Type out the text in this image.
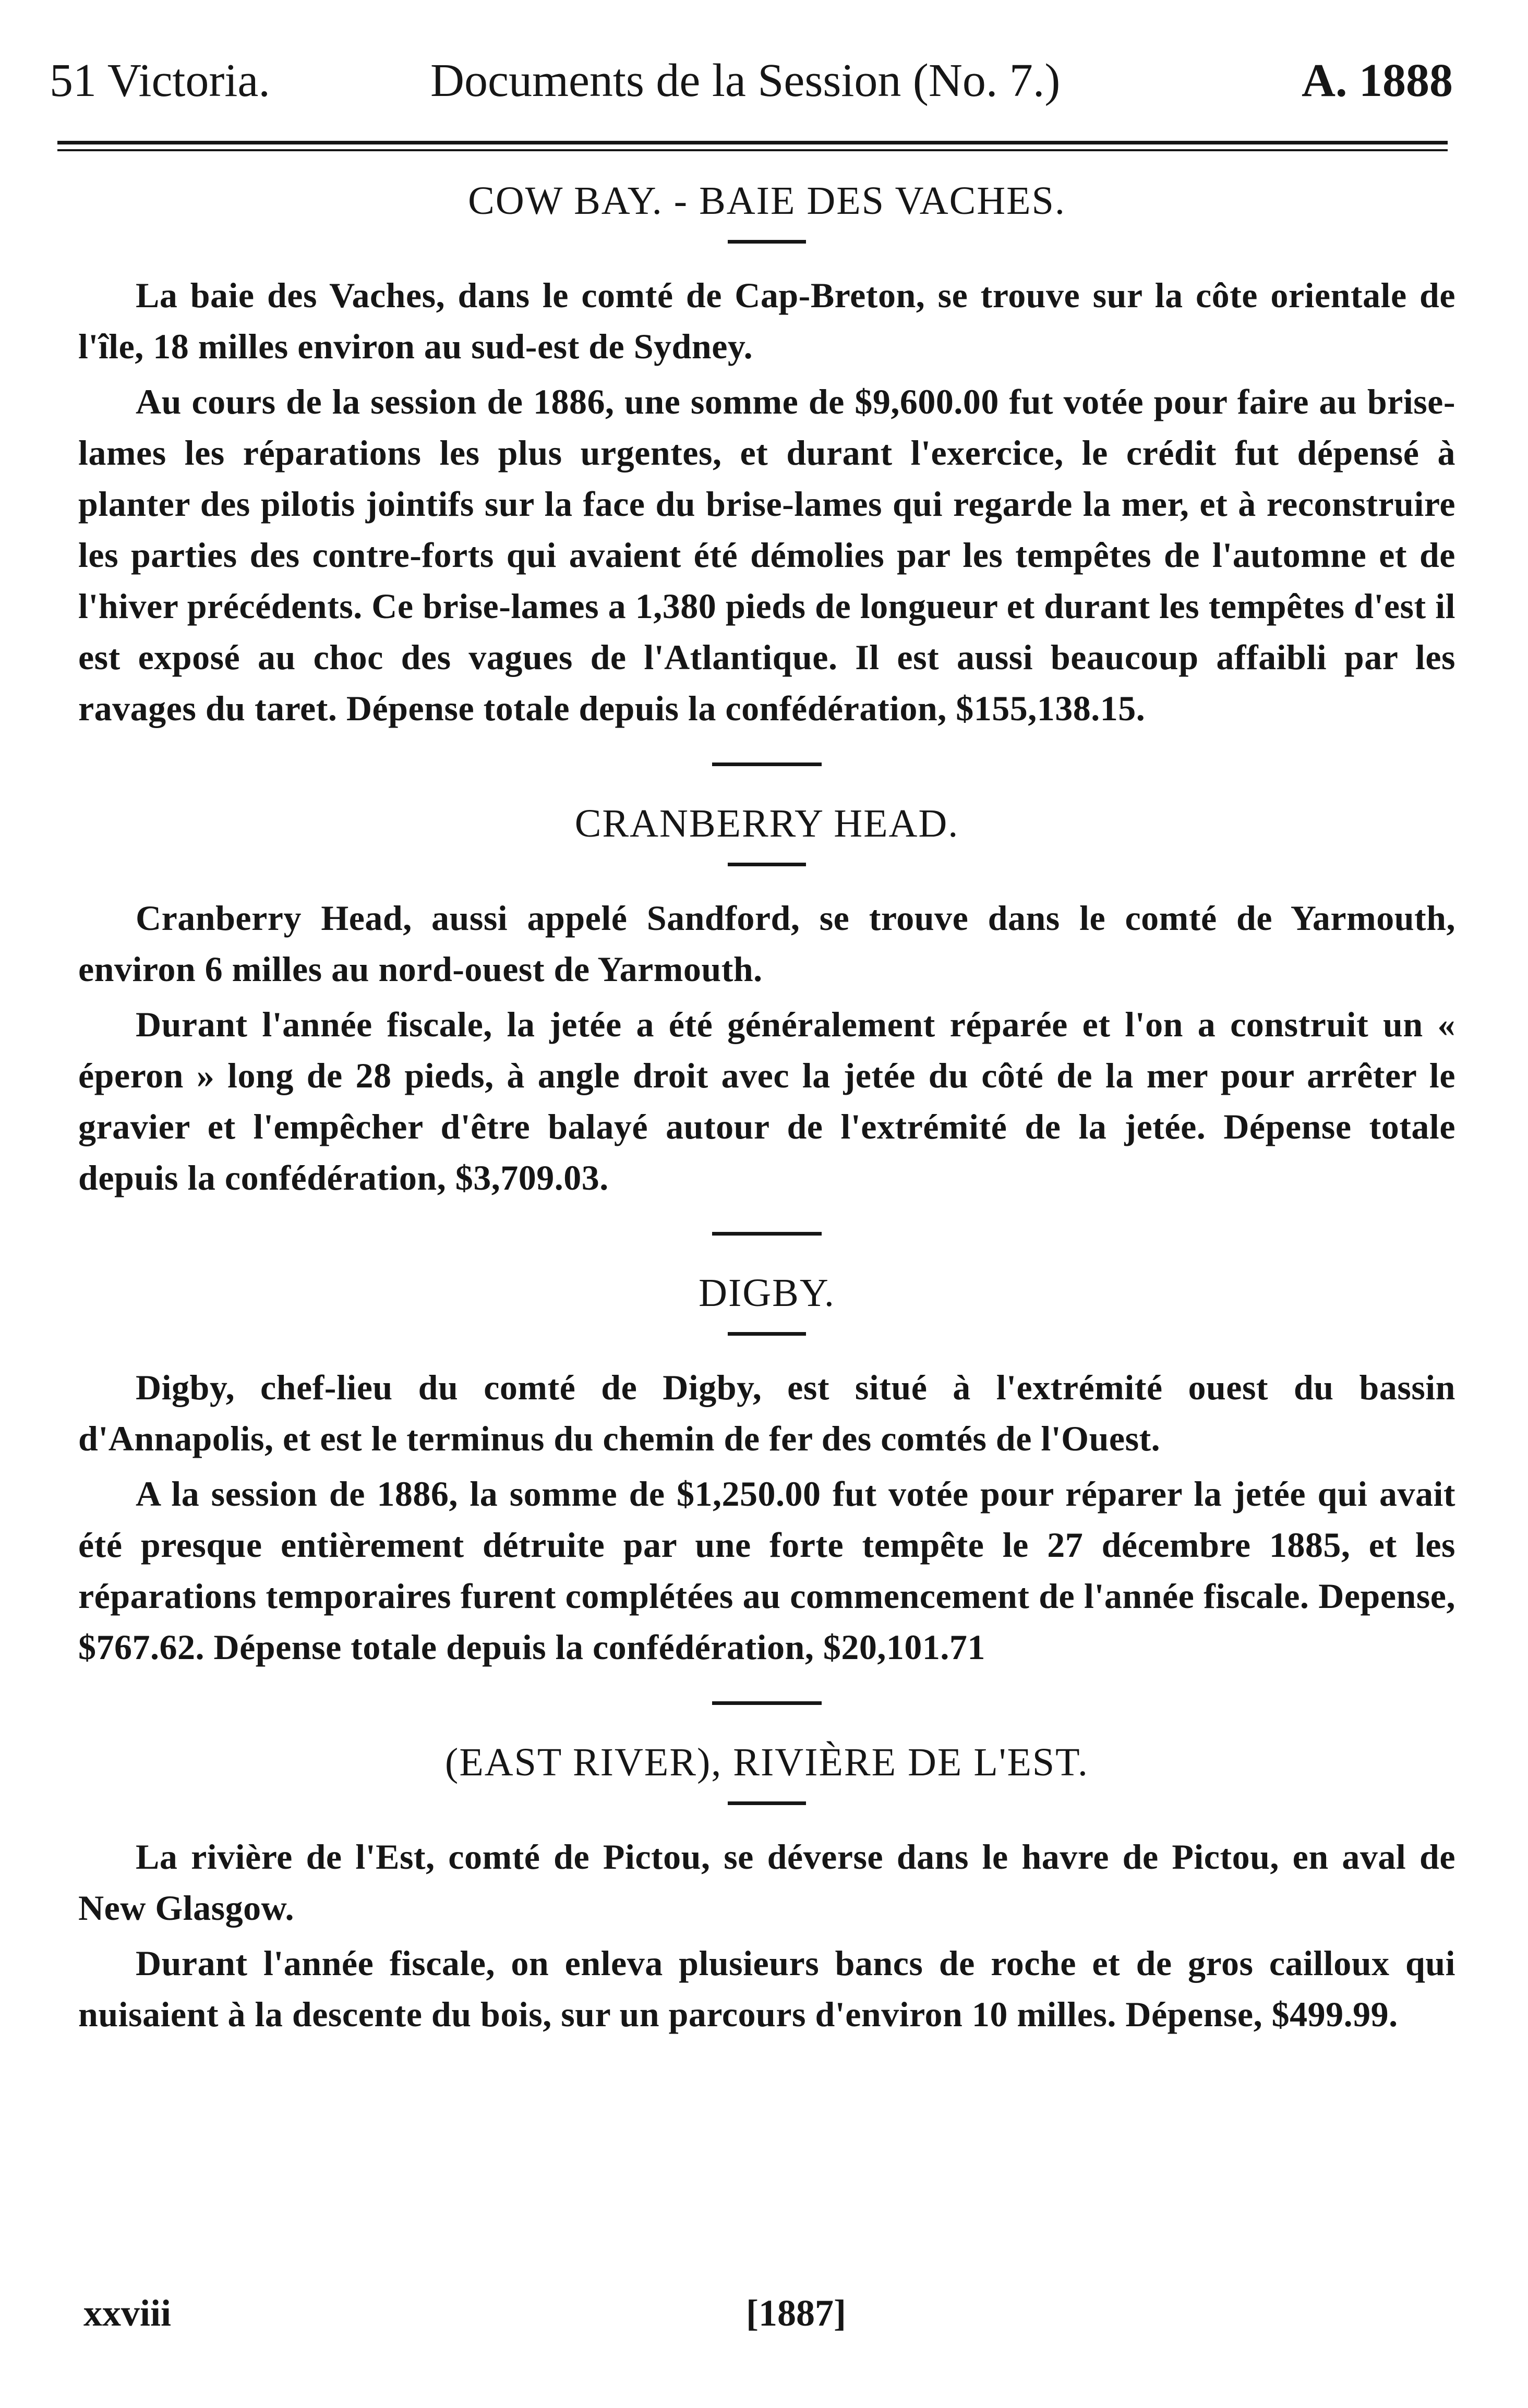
51 Victoria.	Documents de la Session (No. 7.)	A. 1888
COW BAY. - BAIE DES VACHES.

La baie des Vaches, dans le comté de Cap-Breton, se trouve sur la côte orientale de l'île, 18 milles environ au sud-est de Sydney.

Au cours de la session de 1886, une somme de $9,600.00 fut votée pour faire au brise-lames les réparations les plus urgentes, et durant l'exercice, le crédit fut dépensé à planter des pilotis jointifs sur la face du brise-lames qui regarde la mer, et à reconstruire les parties des contre-forts qui avaient été démolies par les tempêtes de l'automne et de l'hiver précédents. Ce brise-lames a 1,380 pieds de longueur et durant les tempêtes d'est il est exposé au choc des vagues de l'Atlantique. Il est aussi beaucoup affaibli par les ravages du taret. Dépense totale depuis la confédération, $155,138.15.

CRANBERRY HEAD.

Cranberry Head, aussi appelé Sandford, se trouve dans le comté de Yarmouth, environ 6 milles au nord-ouest de Yarmouth.

Durant l'année fiscale, la jetée a été généralement réparée et l'on a construit un « éperon » long de 28 pieds, à angle droit avec la jetée du côté de la mer pour arrêter le gravier et l'empêcher d'être balayé autour de l'extrémité de la jetée. Dépense totale depuis la confédération, $3,709.03.

DIGBY.

Digby, chef-lieu du comté de Digby, est situé à l'extrémité ouest du bassin d'Annapolis, et est le terminus du chemin de fer des comtés de l'Ouest.

A la session de 1886, la somme de $1,250.00 fut votée pour réparer la jetée qui avait été presque entièrement détruite par une forte tempête le 27 décembre 1885, et les réparations temporaires furent complétées au commencement de l'année fiscale. Depense, $767.62. Dépense totale depuis la confédération, $20,101.71

(EAST RIVER), RIVIÈRE DE L'EST.

La rivière de l'Est, comté de Pictou, se déverse dans le havre de Pictou, en aval de New Glasgow.

Durant l'année fiscale, on enleva plusieurs bancs de roche et de gros cailloux qui nuisaient à la descente du bois, sur un parcours d'environ 10 milles. Dépense, $499.99.

xxviii	[1887]
